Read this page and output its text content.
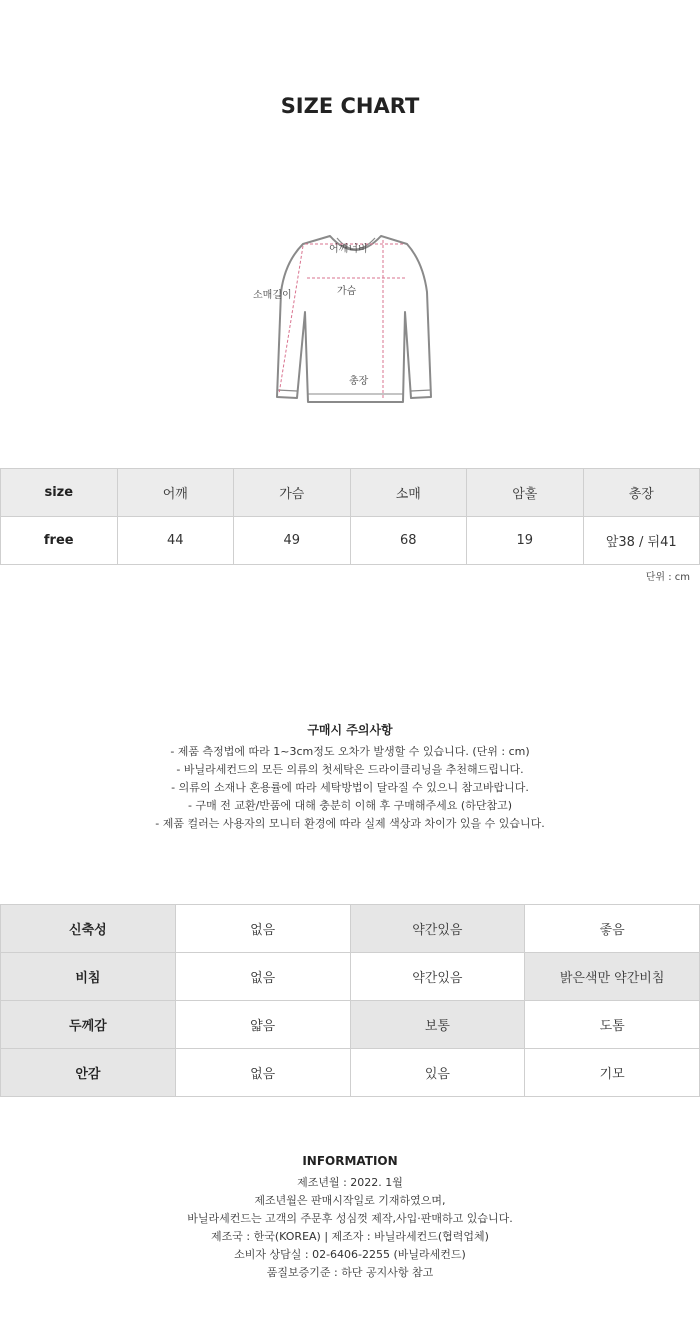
SIZE CHART
어깨너비
소매길이	가슴
총장
size	어깨	가슴	소매	암홀	총장
free	44	49	68	19	앞38 / 뒤41
단위 : cm
구매시 주의사항
- 제품 측정법에 따라 1~3cm정도 오차가 발생할 수 있습니다. (단위 : cm)
- 바닐라세컨드의 모든 의류의 첫세탁은 드라이클리닝을 추천해드립니다.
- 의류의 소재나 혼용률에 따라 세탁방법이 달라질 수 있으니 참고바랍니다.
- 구매 전 교환/반품에 대해 충분히 이해 후 구매해주세요 (하단참고)
- 제품 컬러는 사용자의 모니터 환경에 따라 실제 색상과 차이가 있을 수 있습니다.
신축성	없음	약간있음	좋음
비침	없음	약간있음	밝은색만 약간비침
두께감	얇음	보통	도톰
안감	없음	있음	기모
INFORMATION
제조년월 : 2022. 1월
제조년월은 판매시작일로 기재하였으며,
바닐라세컨드는 고객의 주문후 성심껏 제작,사입·판매하고 있습니다.
제조국 : 한국(KOREA) | 제조자 : 바닐라세컨드(협력업체)
소비자 상담실 : 02-6406-2255 (바닐라세컨드)
품질보증기준 : 하단 공지사항 참고
